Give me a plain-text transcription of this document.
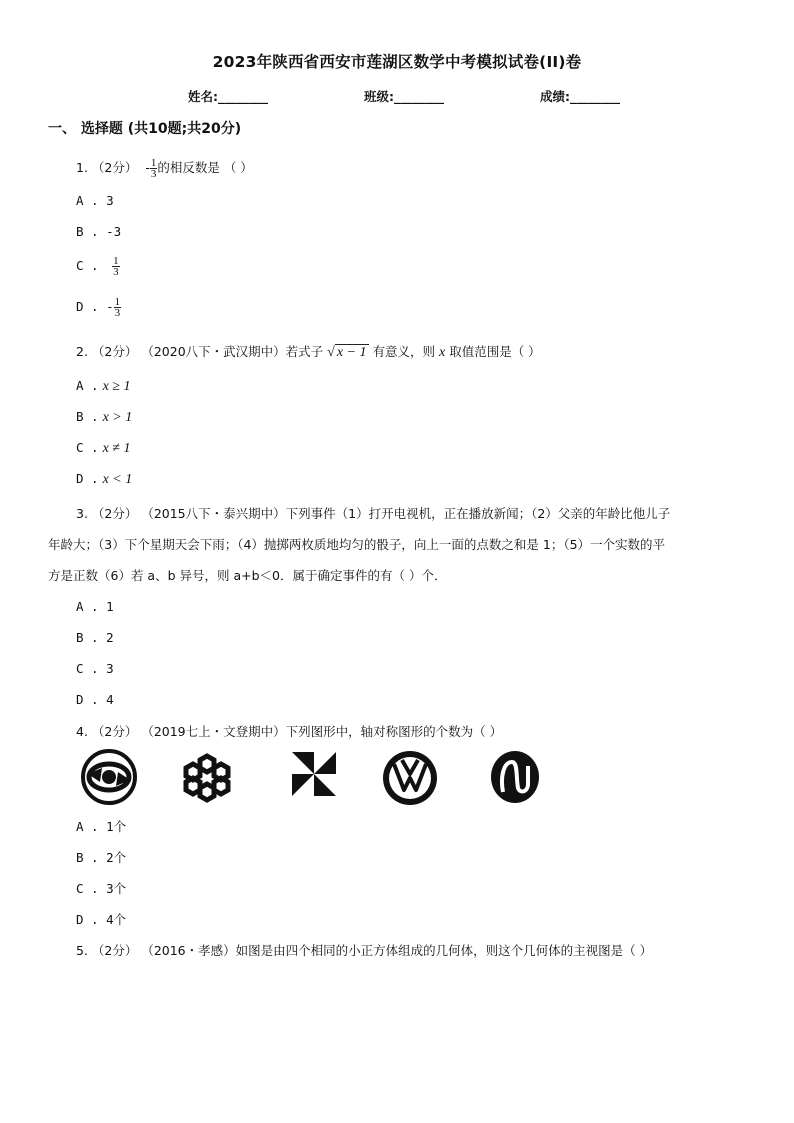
2023年陕西省西安市莲湖区数学中考模拟试卷(II)卷
姓名:________	班级:________	成绩:________
一、 选择题 (共10题;共20分)
1. （2分） - $\frac{1}{3}$ 的相反数是 （ ）
A . 3
B . -3
C . $\frac{1}{3}$
D . - $\frac{1}{3}$
2. （2分） （2020八下・武汉期中）若式子 √ x − 1 有意义，则 x 取值范围是（ ）
A . x ≥ 1
B . x > 1
C . x ≠ 1
D . x < 1
3. （2分） （2015八下・泰兴期中）下列事件（1）打开电视机，正在播放新闻；（2）父亲的年龄比他儿子
年龄大；（3）下个星期天会下雨；（4）抛掷两枚质地均匀的骰子，向上一面的点数之和是 1；（5）一个实数的平
方是正数（6）若 a、b 异号，则 a+b＜0．属于确定事件的有（ ）个．
A . 1
B . 2
C . 3
D . 4
4. （2分） （2019七上・文登期中）下列图形中，轴对称图形的个数为（ ）
A . 1个
B . 2个
C . 3个
D . 4个
5. （2分） （2016・孝感）如图是由四个相同的小正方体组成的几何体，则这个几何体的主视图是（ ）
